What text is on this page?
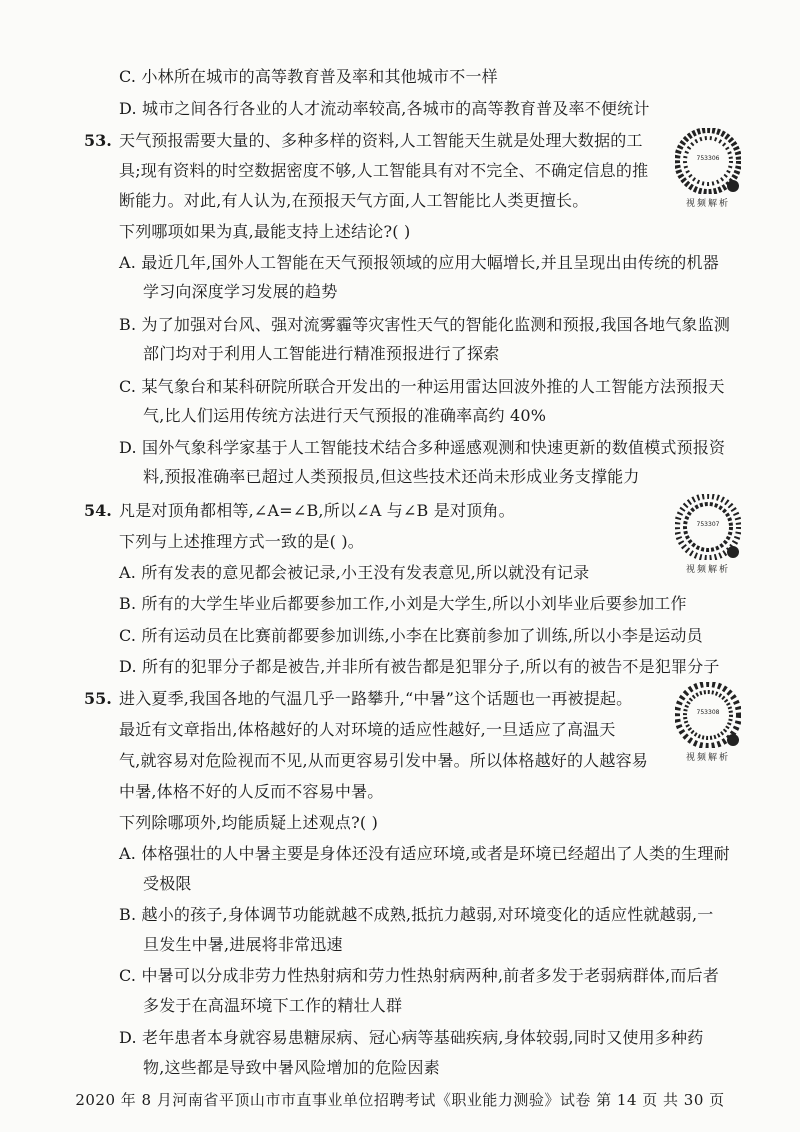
C. 小林所在城市的高等教育普及率和其他城市不一样
D. 城市之间各行各业的人才流动率较高,各城市的高等教育普及率不便统计
53. 天气预报需要大量的、多种多样的资料,人工智能天生就是处理大数据的工
具;现有资料的时空数据密度不够,人工智能具有对不完全、不确定信息的推
断能力。对此,有人认为,在预报天气方面,人工智能比人类更擅长。
下列哪项如果为真,最能支持上述结论?( )
A. 最近几年,国外人工智能在天气预报领域的应用大幅增长,并且呈现出由传统的机器
学习向深度学习发展的趋势
B. 为了加强对台风、强对流雾霾等灾害性天气的智能化监测和预报,我国各地气象监测
部门均对于利用人工智能进行精准预报进行了探索
C. 某气象台和某科研院所联合开发出的一种运用雷达回波外推的人工智能方法预报天
气,比人们运用传统方法进行天气预报的准确率高约 40%
D. 国外气象科学家基于人工智能技术结合多种遥感观测和快速更新的数值模式预报资
料,预报准确率已超过人类预报员,但这些技术还尚未形成业务支撑能力
753306
视频解析
54. 凡是对顶角都相等,∠A=∠B,所以∠A 与∠B 是对顶角。
下列与上述推理方式一致的是( )。
A. 所有发表的意见都会被记录,小王没有发表意见,所以就没有记录
B. 所有的大学生毕业后都要参加工作,小刘是大学生,所以小刘毕业后要参加工作
C. 所有运动员在比赛前都要参加训练,小李在比赛前参加了训练,所以小李是运动员
D. 所有的犯罪分子都是被告,并非所有被告都是犯罪分子,所以有的被告不是犯罪分子
753307
视频解析
55. 进入夏季,我国各地的气温几乎一路攀升,“中暑”这个话题也一再被提起。
最近有文章指出,体格越好的人对环境的适应性越好,一旦适应了高温天
气,就容易对危险视而不见,从而更容易引发中暑。所以体格越好的人越容易
中暑,体格不好的人反而不容易中暑。
下列除哪项外,均能质疑上述观点?( )
A. 体格强壮的人中暑主要是身体还没有适应环境,或者是环境已经超出了人类的生理耐
受极限
B. 越小的孩子,身体调节功能就越不成熟,抵抗力越弱,对环境变化的适应性就越弱,一
旦发生中暑,进展将非常迅速
C. 中暑可以分成非劳力性热射病和劳力性热射病两种,前者多发于老弱病群体,而后者
多发于在高温环境下工作的精壮人群
D. 老年患者本身就容易患糖尿病、冠心病等基础疾病,身体较弱,同时又使用多种药
物,这些都是导致中暑风险增加的危险因素
753308
视频解析
2020 年 8 月河南省平顶山市市直事业单位招聘考试《职业能力测验》试卷 第 14 页 共 30 页
